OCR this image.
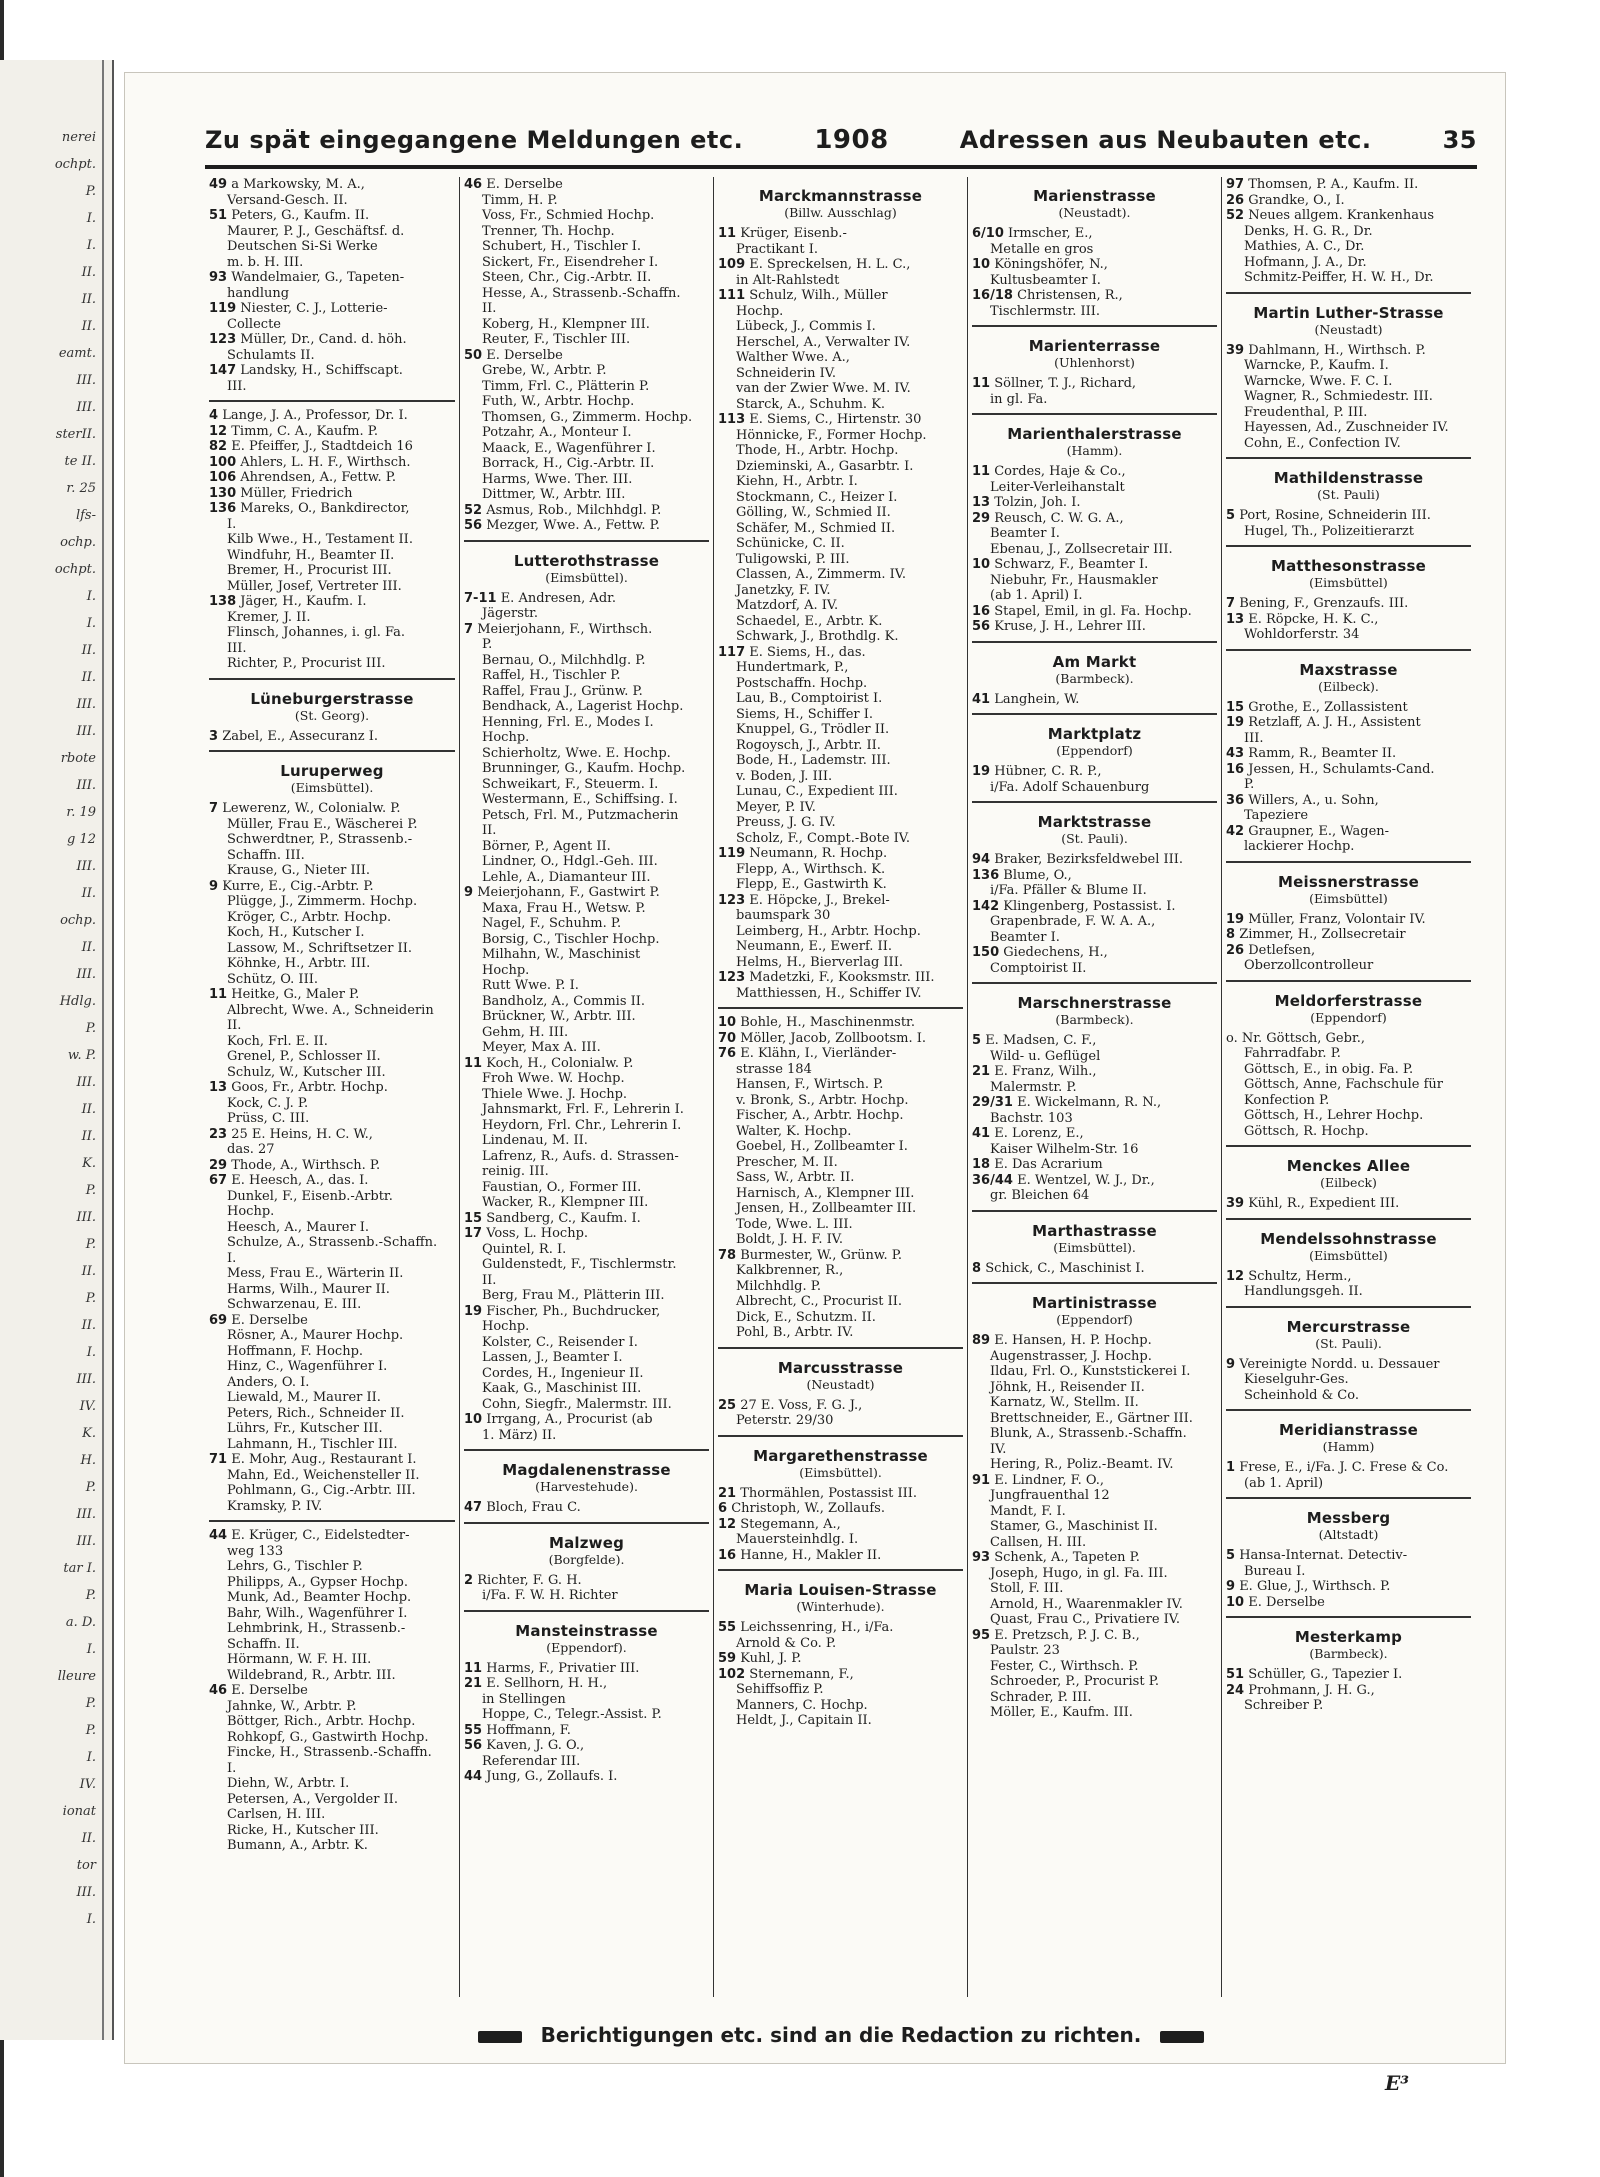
nerei
ochpt.
P.
I.
I.
II.
II.
II.
eamt.
III.
III.
sterII.
te II.
r. 25
lfs-
ochp.
ochpt.
I.
I.
II.
II.
III.
III.
rbote
III.
r. 19
g 12
III.
II.
ochp.
II.
III.
Hdlg.
P.
w. P.
III.
II.
II.
K.
P.
III.
P.
II.
P.
II.
I.
III.
IV.
K.
H.
P.
III.
III.
tar I.
P.
a. D.
I.
lleure
P.
P.
I.
IV.
ionat
II.
tor
III.
I.
Zu spät eingegangene Meldungen etc.	1908	Adressen aus Neubauten etc.	35
49 a Markowsky, M. A.,
Versand-Gesch. II.
51 Peters, G., Kaufm. II.
Maurer, P. J., Geschäftsf. d.
Deutschen Si-Si Werke
m. b. H. III.
93 Wandelmaier, G., Tapeten-
handlung
119 Niester, C. J., Lotterie-
Collecte
123 Müller, Dr., Cand. d. höh.
Schulamts II.
147 Landsky, H., Schiffscapt.
III.
4 Lange, J. A., Professor, Dr. I.
12 Timm, C. A., Kaufm. P.
82 E. Pfeiffer, J., Stadtdeich 16
100 Ahlers, L. H. F., Wirthsch.
106 Ahrendsen, A., Fettw. P.
130 Müller, Friedrich
136 Mareks, O., Bankdirector,
I.
Kilb Wwe., H., Testament II.
Windfuhr, H., Beamter II.
Bremer, H., Procurist III.
Müller, Josef, Vertreter III.
138 Jäger, H., Kaufm. I.
Kremer, J. II.
Flinsch, Johannes, i. gl. Fa.
III.
Richter, P., Procurist III.
Lüneburgerstrasse
(St. Georg).
3 Zabel, E., Assecuranz I.
Luruperweg
(Eimsbüttel).
7 Lewerenz, W., Colonialw. P.
Müller, Frau E., Wäscherei P.
Schwerdtner, P., Strassenb.-
Schaffn. III.
Krause, G., Nieter III.
9 Kurre, E., Cig.-Arbtr. P.
Plügge, J., Zimmerm. Hochp.
Kröger, C., Arbtr. Hochp.
Koch, H., Kutscher I.
Lassow, M., Schriftsetzer II.
Köhnke, H., Arbtr. III.
Schütz, O. III.
11 Heitke, G., Maler P.
Albrecht, Wwe. A., Schneiderin
II.
Koch, Frl. E. II.
Grenel, P., Schlosser II.
Schulz, W., Kutscher III.
13 Goos, Fr., Arbtr. Hochp.
Kock, C. J. P.
Prüss, C. III.
23 25 E. Heins, H. C. W.,
das. 27
29 Thode, A., Wirthsch. P.
67 E. Heesch, A., das. I.
Dunkel, F., Eisenb.-Arbtr.
Hochp.
Heesch, A., Maurer I.
Schulze, A., Strassenb.-Schaffn.
I.
Mess, Frau E., Wärterin II.
Harms, Wilh., Maurer II.
Schwarzenau, E. III.
69 E. Derselbe
Rösner, A., Maurer Hochp.
Hoffmann, F. Hochp.
Hinz, C., Wagenführer I.
Anders, O. I.
Liewald, M., Maurer II.
Peters, Rich., Schneider II.
Lührs, Fr., Kutscher III.
Lahmann, H., Tischler III.
71 E. Mohr, Aug., Restaurant I.
Mahn, Ed., Weichensteller II.
Pohlmann, G., Cig.-Arbtr. III.
Kramsky, P. IV.
44 E. Krüger, C., Eidelstedter-
weg 133
Lehrs, G., Tischler P.
Philipps, A., Gypser Hochp.
Munk, Ad., Beamter Hochp.
Bahr, Wilh., Wagenführer I.
Lehmbrink, H., Strassenb.-
Schaffn. II.
Hörmann, W. F. H. III.
Wildebrand, R., Arbtr. III.
46 E. Derselbe
Jahnke, W., Arbtr. P.
Böttger, Rich., Arbtr. Hochp.
Rohkopf, G., Gastwirth Hochp.
Fincke, H., Strassenb.-Schaffn.
I.
Diehn, W., Arbtr. I.
Petersen, A., Vergolder II.
Carlsen, H. III.
Ricke, H., Kutscher III.
Bumann, A., Arbtr. K.
46 E. Derselbe
Timm, H. P.
Voss, Fr., Schmied Hochp.
Trenner, Th. Hochp.
Schubert, H., Tischler I.
Sickert, Fr., Eisendreher I.
Steen, Chr., Cig.-Arbtr. II.
Hesse, A., Strassenb.-Schaffn.
II.
Koberg, H., Klempner III.
Reuter, F., Tischler III.
50 E. Derselbe
Grebe, W., Arbtr. P.
Timm, Frl. C., Plätterin P.
Futh, W., Arbtr. Hochp.
Thomsen, G., Zimmerm. Hochp.
Potzahr, A., Monteur I.
Maack, E., Wagenführer I.
Borrack, H., Cig.-Arbtr. II.
Harms, Wwe. Ther. III.
Dittmer, W., Arbtr. III.
52 Asmus, Rob., Milchhdgl. P.
56 Mezger, Wwe. A., Fettw. P.
Lutterothstrasse
(Eimsbüttel).
7-11 E. Andresen, Adr.
Jägerstr.
7 Meierjohann, F., Wirthsch.
P.
Bernau, O., Milchhdlg. P.
Raffel, H., Tischler P.
Raffel, Frau J., Grünw. P.
Bendhack, A., Lagerist Hochp.
Henning, Frl. E., Modes I.
Hochp.
Schierholtz, Wwe. E. Hochp.
Brunninger, G., Kaufm. Hochp.
Schweikart, F., Steuerm. I.
Westermann, E., Schiffsing. I.
Petsch, Frl. M., Putzmacherin
II.
Börner, P., Agent II.
Lindner, O., Hdgl.-Geh. III.
Lehle, A., Diamanteur III.
9 Meierjohann, F., Gastwirt P.
Maxa, Frau H., Wetsw. P.
Nagel, F., Schuhm. P.
Borsig, C., Tischler Hochp.
Milhahn, W., Maschinist
Hochp.
Rutt Wwe. P. I.
Bandholz, A., Commis II.
Brückner, W., Arbtr. III.
Gehm, H. III.
Meyer, Max A. III.
11 Koch, H., Colonialw. P.
Froh Wwe. W. Hochp.
Thiele Wwe. J. Hochp.
Jahnsmarkt, Frl. F., Lehrerin I.
Heydorn, Frl. Chr., Lehrerin I.
Lindenau, M. II.
Lafrenz, R., Aufs. d. Strassen-
reinig. III.
Faustian, O., Former III.
Wacker, R., Klempner III.
15 Sandberg, C., Kaufm. I.
17 Voss, L. Hochp.
Quintel, R. I.
Guldenstedt, F., Tischlermstr.
II.
Berg, Frau M., Plätterin III.
19 Fischer, Ph., Buchdrucker,
Hochp.
Kolster, C., Reisender I.
Lassen, J., Beamter I.
Cordes, H., Ingenieur II.
Kaak, G., Maschinist III.
Cohn, Siegfr., Malermstr. III.
10 Irrgang, A., Procurist (ab
1. März) II.
Magdalenenstrasse
(Harvestehude).
47 Bloch, Frau C.
Malzweg
(Borgfelde).
2 Richter, F. G. H.
i/Fa. F. W. H. Richter
Mansteinstrasse
(Eppendorf).
11 Harms, F., Privatier III.
21 E. Sellhorn, H. H.,
in Stellingen
Hoppe, C., Telegr.-Assist. P.
55 Hoffmann, F.
56 Kaven, J. G. O.,
Referendar III.
44 Jung, G., Zollaufs. I.
Marckmannstrasse
(Billw. Ausschlag)
11 Krüger, Eisenb.-
Practikant I.
109 E. Spreckelsen, H. L. C.,
in Alt-Rahlstedt
111 Schulz, Wilh., Müller
Hochp.
Lübeck, J., Commis I.
Herschel, A., Verwalter IV.
Walther Wwe. A.,
Schneiderin IV.
van der Zwier Wwe. M. IV.
Starck, A., Schuhm. K.
113 E. Siems, C., Hirtenstr. 30
Hönnicke, F., Former Hochp.
Thode, H., Arbtr. Hochp.
Dzieminski, A., Gasarbtr. I.
Kiehn, H., Arbtr. I.
Stockmann, C., Heizer I.
Gölling, W., Schmied II.
Schäfer, M., Schmied II.
Schünicke, C. II.
Tuligowski, P. III.
Classen, A., Zimmerm. IV.
Janetzky, F. IV.
Matzdorf, A. IV.
Schaedel, E., Arbtr. K.
Schwark, J., Brothdlg. K.
117 E. Siems, H., das.
Hundertmark, P.,
Postschaffn. Hochp.
Lau, B., Comptoirist I.
Siems, H., Schiffer I.
Knuppel, G., Trödler II.
Rogoysch, J., Arbtr. II.
Bode, H., Lademstr. III.
v. Boden, J. III.
Lunau, C., Expedient III.
Meyer, P. IV.
Preuss, J. G. IV.
Scholz, F., Compt.-Bote IV.
119 Neumann, R. Hochp.
Flepp, A., Wirthsch. K.
Flepp, E., Gastwirth K.
123 E. Höpcke, J., Brekel-
baumspark 30
Leimberg, H., Arbtr. Hochp.
Neumann, E., Ewerf. II.
Helms, H., Bierverlag III.
123 Madetzki, F., Kooksmstr. III.
Matthiessen, H., Schiffer IV.
10 Bohle, H., Maschinenmstr.
70 Möller, Jacob, Zollbootsm. I.
76 E. Klähn, I., Vierländer-
strasse 184
Hansen, F., Wirtsch. P.
v. Bronk, S., Arbtr. Hochp.
Fischer, A., Arbtr. Hochp.
Walter, K. Hochp.
Goebel, H., Zollbeamter I.
Prescher, M. II.
Sass, W., Arbtr. II.
Harnisch, A., Klempner III.
Jensen, H., Zollbeamter III.
Tode, Wwe. L. III.
Boldt, J. H. F. IV.
78 Burmester, W., Grünw. P.
Kalkbrenner, R.,
Milchhdlg. P.
Albrecht, C., Procurist II.
Dick, E., Schutzm. II.
Pohl, B., Arbtr. IV.
Marcusstrasse
(Neustadt)
25 27 E. Voss, F. G. J.,
Peterstr. 29/30
Margarethenstrasse
(Eimsbüttel).
21 Thormählen, Postassist III.
6 Christoph, W., Zollaufs.
12 Stegemann, A.,
Mauersteinhdlg. I.
16 Hanne, H., Makler II.
Maria Louisen-Strasse
(Winterhude).
55 Leichssenring, H., i/Fa.
Arnold & Co. P.
59 Kuhl, J. P.
102 Sternemann, F.,
Sehiffsoffiz P.
Manners, C. Hochp.
Heldt, J., Capitain II.
Marienstrasse
(Neustadt).
6/10 Irmscher, E.,
Metalle en gros
10 Köningshöfer, N.,
Kultusbeamter I.
16/18 Christensen, R.,
Tischlermstr. III.
Marienterrasse
(Uhlenhorst)
11 Söllner, T. J., Richard,
in gl. Fa.
Marienthalerstrasse
(Hamm).
11 Cordes, Haje & Co.,
Leiter-Verleihanstalt
13 Tolzin, Joh. I.
29 Reusch, C. W. G. A.,
Beamter I.
Ebenau, J., Zollsecretair III.
10 Schwarz, F., Beamter I.
Niebuhr, Fr., Hausmakler
(ab 1. April) I.
16 Stapel, Emil, in gl. Fa. Hochp.
56 Kruse, J. H., Lehrer III.
Am Markt
(Barmbeck).
41 Langhein, W.
Marktplatz
(Eppendorf)
19 Hübner, C. R. P.,
i/Fa. Adolf Schauenburg
Marktstrasse
(St. Pauli).
94 Braker, Bezirksfeldwebel III.
136 Blume, O.,
i/Fa. Pfäller & Blume II.
142 Klingenberg, Postassist. I.
Grapenbrade, F. W. A. A.,
Beamter I.
150 Giedechens, H.,
Comptoirist II.
Marschnerstrasse
(Barmbeck).
5 E. Madsen, C. F.,
Wild- u. Geflügel
21 E. Franz, Wilh.,
Malermstr. P.
29/31 E. Wickelmann, R. N.,
Bachstr. 103
41 E. Lorenz, E.,
Kaiser Wilhelm-Str. 16
18 E. Das Acrarium
36/44 E. Wentzel, W. J., Dr.,
gr. Bleichen 64
Marthastrasse
(Eimsbüttel).
8 Schick, C., Maschinist I.
Martinistrasse
(Eppendorf)
89 E. Hansen, H. P. Hochp.
Augenstrasser, J. Hochp.
Ildau, Frl. O., Kunststickerei I.
Jöhnk, H., Reisender II.
Karnatz, W., Stellm. II.
Brettschneider, E., Gärtner III.
Blunk, A., Strassenb.-Schaffn.
IV.
Hering, R., Poliz.-Beamt. IV.
91 E. Lindner, F. O.,
Jungfrauenthal 12
Mandt, F. I.
Stamer, G., Maschinist II.
Callsen, H. III.
93 Schenk, A., Tapeten P.
Joseph, Hugo, in gl. Fa. III.
Stoll, F. III.
Arnold, H., Waarenmakler IV.
Quast, Frau C., Privatiere IV.
95 E. Pretzsch, P. J. C. B.,
Paulstr. 23
Fester, C., Wirthsch. P.
Schroeder, P., Procurist P.
Schrader, P. III.
Möller, E., Kaufm. III.
97 Thomsen, P. A., Kaufm. II.
26 Grandke, O., I.
52 Neues allgem. Krankenhaus
Denks, H. G. R., Dr.
Mathies, A. C., Dr.
Hofmann, J. A., Dr.
Schmitz-Peiffer, H. W. H., Dr.
Martin Luther-Strasse
(Neustadt)
39 Dahlmann, H., Wirthsch. P.
Warncke, P., Kaufm. I.
Warncke, Wwe. F. C. I.
Wagner, R., Schmiedestr. III.
Freudenthal, P. III.
Hayessen, Ad., Zuschneider IV.
Cohn, E., Confection IV.
Mathildenstrasse
(St. Pauli)
5 Port, Rosine, Schneiderin III.
Hugel, Th., Polizeitierarzt
Matthesonstrasse
(Eimsbüttel)
7 Bening, F., Grenzaufs. III.
13 E. Röpcke, H. K. C.,
Wohldorferstr. 34
Maxstrasse
(Eilbeck).
15 Grothe, E., Zollassistent
19 Retzlaff, A. J. H., Assistent
III.
43 Ramm, R., Beamter II.
16 Jessen, H., Schulamts-Cand.
P.
36 Willers, A., u. Sohn,
Tapeziere
42 Graupner, E., Wagen-
lackierer Hochp.
Meissnerstrasse
(Eimsbüttel)
19 Müller, Franz, Volontair IV.
8 Zimmer, H., Zollsecretair
26 Detlefsen,
Oberzollcontrolleur
Meldorferstrasse
(Eppendorf)
o. Nr. Göttsch, Gebr.,
Fahrradfabr. P.
Göttsch, E., in obig. Fa. P.
Göttsch, Anne, Fachschule für
Konfection P.
Göttsch, H., Lehrer Hochp.
Göttsch, R. Hochp.
Menckes Allee
(Eilbeck)
39 Kühl, R., Expedient III.
Mendelssohnstrasse
(Eimsbüttel)
12 Schultz, Herm.,
Handlungsgeh. II.
Mercurstrasse
(St. Pauli).
9 Vereinigte Nordd. u. Dessauer
Kieselguhr-Ges.
Scheinhold & Co.
Meridianstrasse
(Hamm)
1 Frese, E., i/Fa. J. C. Frese & Co.
(ab 1. April)
Messberg
(Altstadt)
5 Hansa-Internat. Detectiv-
Bureau I.
9 E. Glue, J., Wirthsch. P.
10 E. Derselbe
Mesterkamp
(Barmbeck).
51 Schüller, G., Tapezier I.
24 Prohmann, J. H. G.,
Schreiber P.
Berichtigungen etc. sind an die Redaction zu richten.
E³
